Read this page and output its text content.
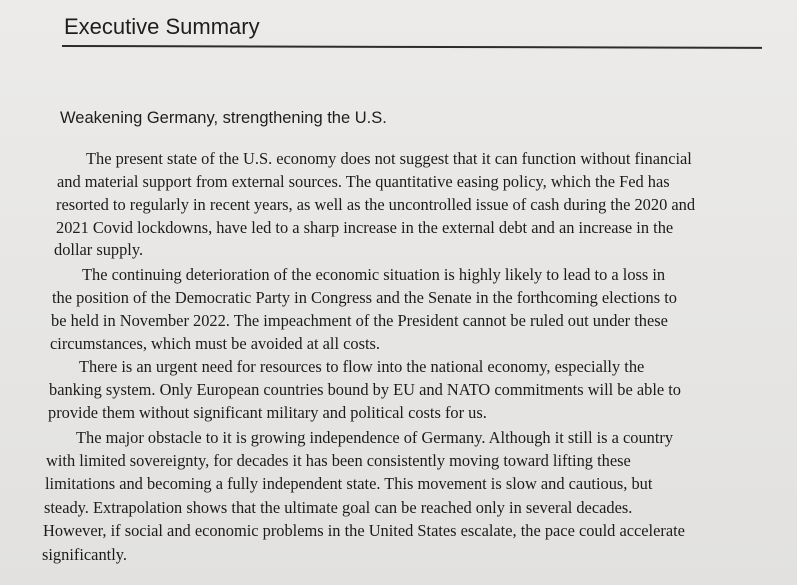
Executive Summary
Weakening Germany, strengthening the U.S.
The present state of the U.S. economy does not suggest that it can function without financial
and material support from external sources. The quantitative easing policy, which the Fed has
resorted to regularly in recent years, as well as the uncontrolled issue of cash during the 2020 and
2021 Covid lockdowns, have led to a sharp increase in the external debt and an increase in the
dollar supply.
The continuing deterioration of the economic situation is highly likely to lead to a loss in
the position of the Democratic Party in Congress and the Senate in the forthcoming elections to
be held in November 2022. The impeachment of the President cannot be ruled out under these
circumstances, which must be avoided at all costs.
There is an urgent need for resources to flow into the national economy, especially the
banking system. Only European countries bound by EU and NATO commitments will be able to
provide them without significant military and political costs for us.
The major obstacle to it is growing independence of Germany. Although it still is a country
with limited sovereignty, for decades it has been consistently moving toward lifting these
limitations and becoming a fully independent state. This movement is slow and cautious, but
steady. Extrapolation shows that the ultimate goal can be reached only in several decades.
However, if social and economic problems in the United States escalate, the pace could accelerate
significantly.
